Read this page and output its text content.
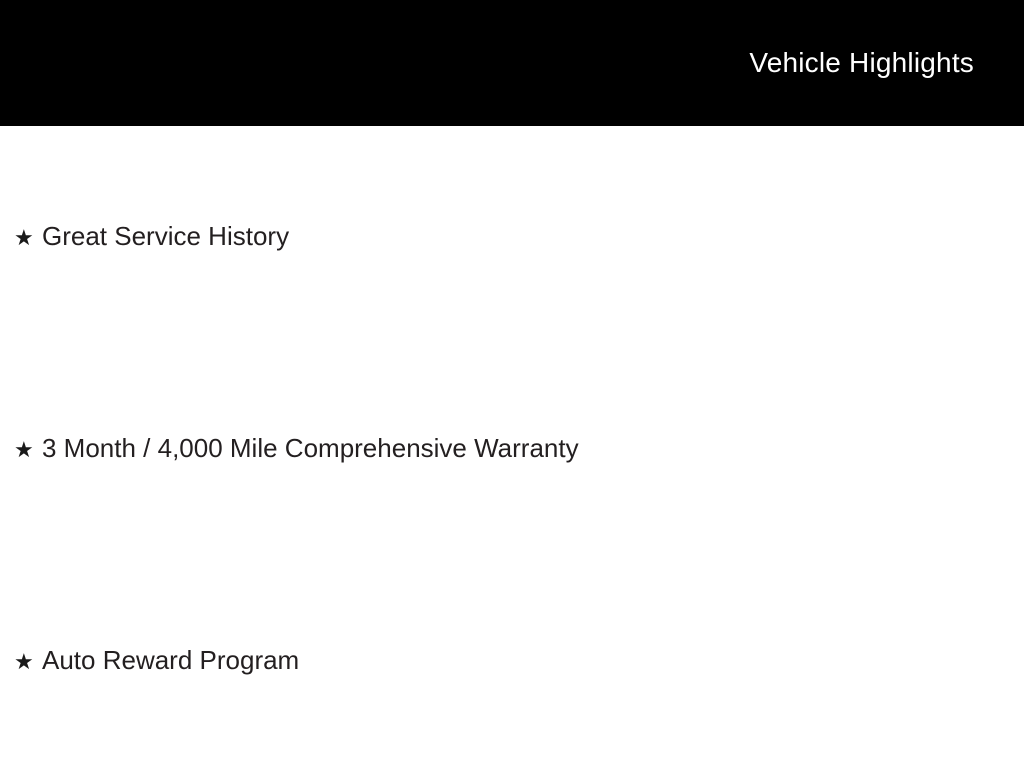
Vehicle Highlights
★ Great Service History
★ 3 Month / 4,000 Mile Comprehensive Warranty
★ Auto Reward Program
